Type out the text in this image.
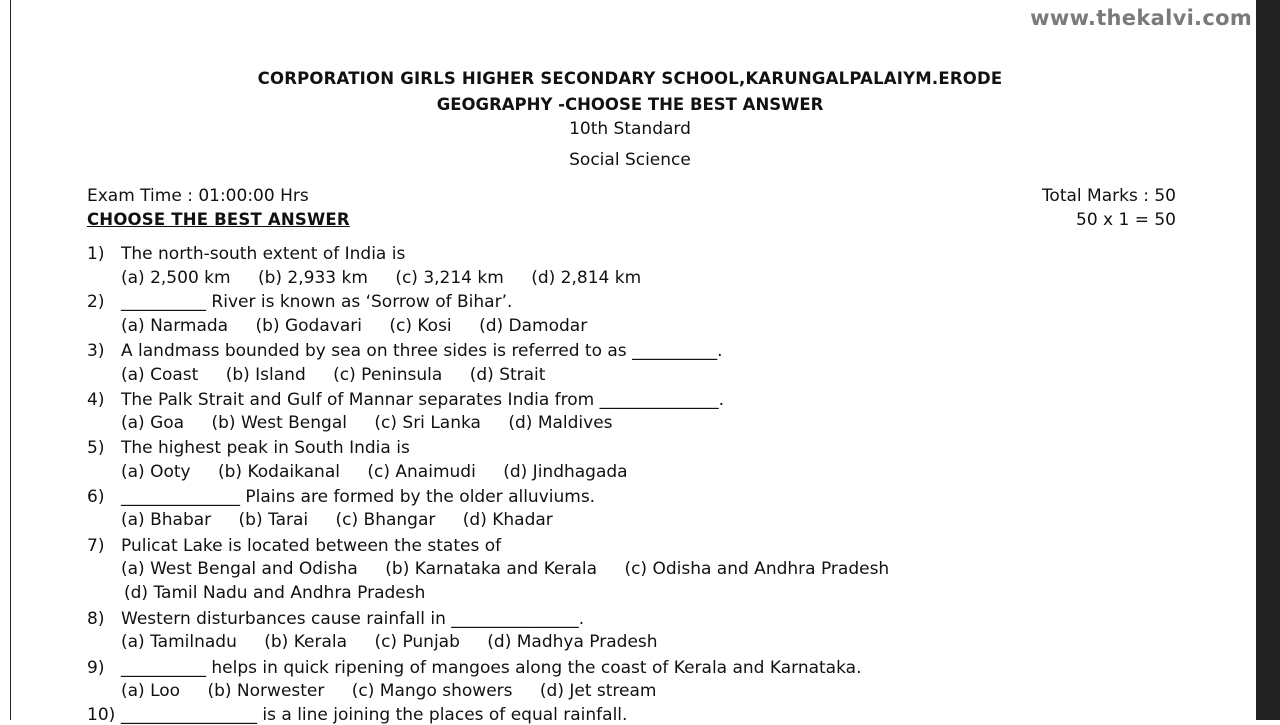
www.thekalvi.com
CORPORATION GIRLS HIGHER SECONDARY SCHOOL,KARUNGALPALAIYM.ERODE
GEOGRAPHY -CHOOSE THE BEST ANSWER
10th Standard
Social Science
Exam Time : 01:00:00 Hrs	Total Marks : 50
50 x 1 = 50
CHOOSE THE BEST ANSWER
1) The north-south extent of India is
(a) 2,500 km (b) 2,933 km (c) 3,214 km (d) 2,814 km
2) __________ River is known as ‘Sorrow of Bihar’.
(a) Narmada (b) Godavari (c) Kosi (d) Damodar
3) A landmass bounded by sea on three sides is referred to as __________.
(a) Coast (b) Island (c) Peninsula (d) Strait
4) The Palk Strait and Gulf of Mannar separates India from ______________.
(a) Goa (b) West Bengal (c) Sri Lanka (d) Maldives
5) The highest peak in South India is
(a) Ooty (b) Kodaikanal (c) Anaimudi (d) Jindhagada
6) ______________ Plains are formed by the older alluviums.
(a) Bhabar (b) Tarai (c) Bhangar (d) Khadar
7) Pulicat Lake is located between the states of
(a) West Bengal and Odisha (b) Karnataka and Kerala (c) Odisha and Andhra Pradesh
(d) Tamil Nadu and Andhra Pradesh
8) Western disturbances cause rainfall in _______________.
(a) Tamilnadu (b) Kerala (c) Punjab (d) Madhya Pradesh
9) __________ helps in quick ripening of mangoes along the coast of Kerala and Karnataka.
(a) Loo (b) Norwester (c) Mango showers (d) Jet stream
10) ________________ is a line joining the places of equal rainfall.
